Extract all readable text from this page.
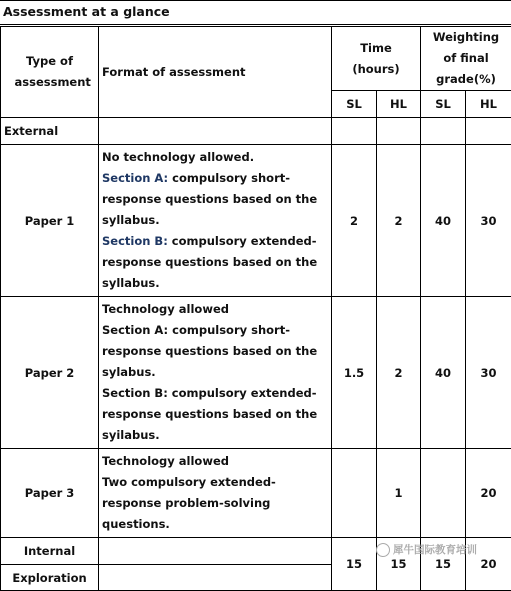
Assessment at a glance
Type of assessment	Format of assessment	Time (hours)		Weighting of final grade(%)	

		SL	HL	SL	HL
External					
Paper 1	No technology allowed.
Section A: compulsory short-response questions based on the syllabus.
Section B: compulsory extended-response questions based on the syllabus.	2	2	40	30
Paper 2	Technology allowed
Section A: compulsory short-response questions based on the sylabus.
Section B: compulsory extended-response questions based on the syilabus.	1.5	2	40	30
Paper 3	Technology allowed
Two compulsory extended-response problem-solving questions.		1		20
Internal		15	15	15	20
Exploration					
犀牛国际教育培训
